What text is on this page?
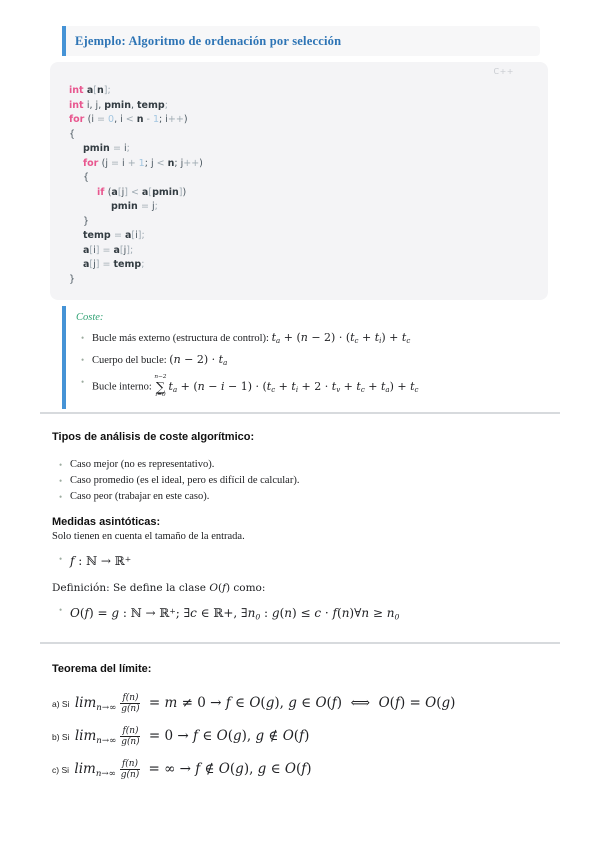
Ejemplo: Algoritmo de ordenación por selección
C++
int a[n];
int i, j, pmin, temp;
for (i = 0, i < n - 1; i++)
{
pmin = i;
for (j = i + 1; j < n; j++)
{
if (a[j] < a[pmin])
pmin = j;
}
temp = a[i];
a[i] = a[j];
a[j] = temp;
}
Coste:
• Bucle más externo (estructura de control): ta + (n − 2) · (tc + ti) + tc
• Cuerpo del bucle: (n − 2) · ta
• Bucle interno:
n−2
∑
i=0
ta + (n − i − 1) · (tc + ti + 2 · tv + tc + ta) + tc
Tipos de análisis de coste algorítmico:
• Caso mejor (no es representativo).
• Caso promedio (es el ideal, pero es difícil de calcular).
• Caso peor (trabajar en este caso).
Medidas asintóticas:

Solo tienen en cuenta el tamaño de la entrada.

• f : ℕ → ℝ+

Definición: Se define la clase O(f) como:

• O(f) = g : ℕ → ℝ+; ∃c ∈ ℝ+, ∃n0 : g(n) ≤ c · f(n)∀n ≥ n0
Teorema del límite:
a) Si $\lim n\to\infty \frac{f(n)}{g(n)} = m \ne 0 \to f$ ∈ O(g), g ∈ O(f)  ⟺  O(f) = O(g)
b) Si $\lim n\to\infty \frac{f(n)}{g(n)} = 0 \to f$ ∈ O(g), g ∉ O(f)
c) Si $\lim n\to\infty \frac{f(n)}{g(n)}$ = ∞ → f ∉ O(g), g ∈ O(f)
